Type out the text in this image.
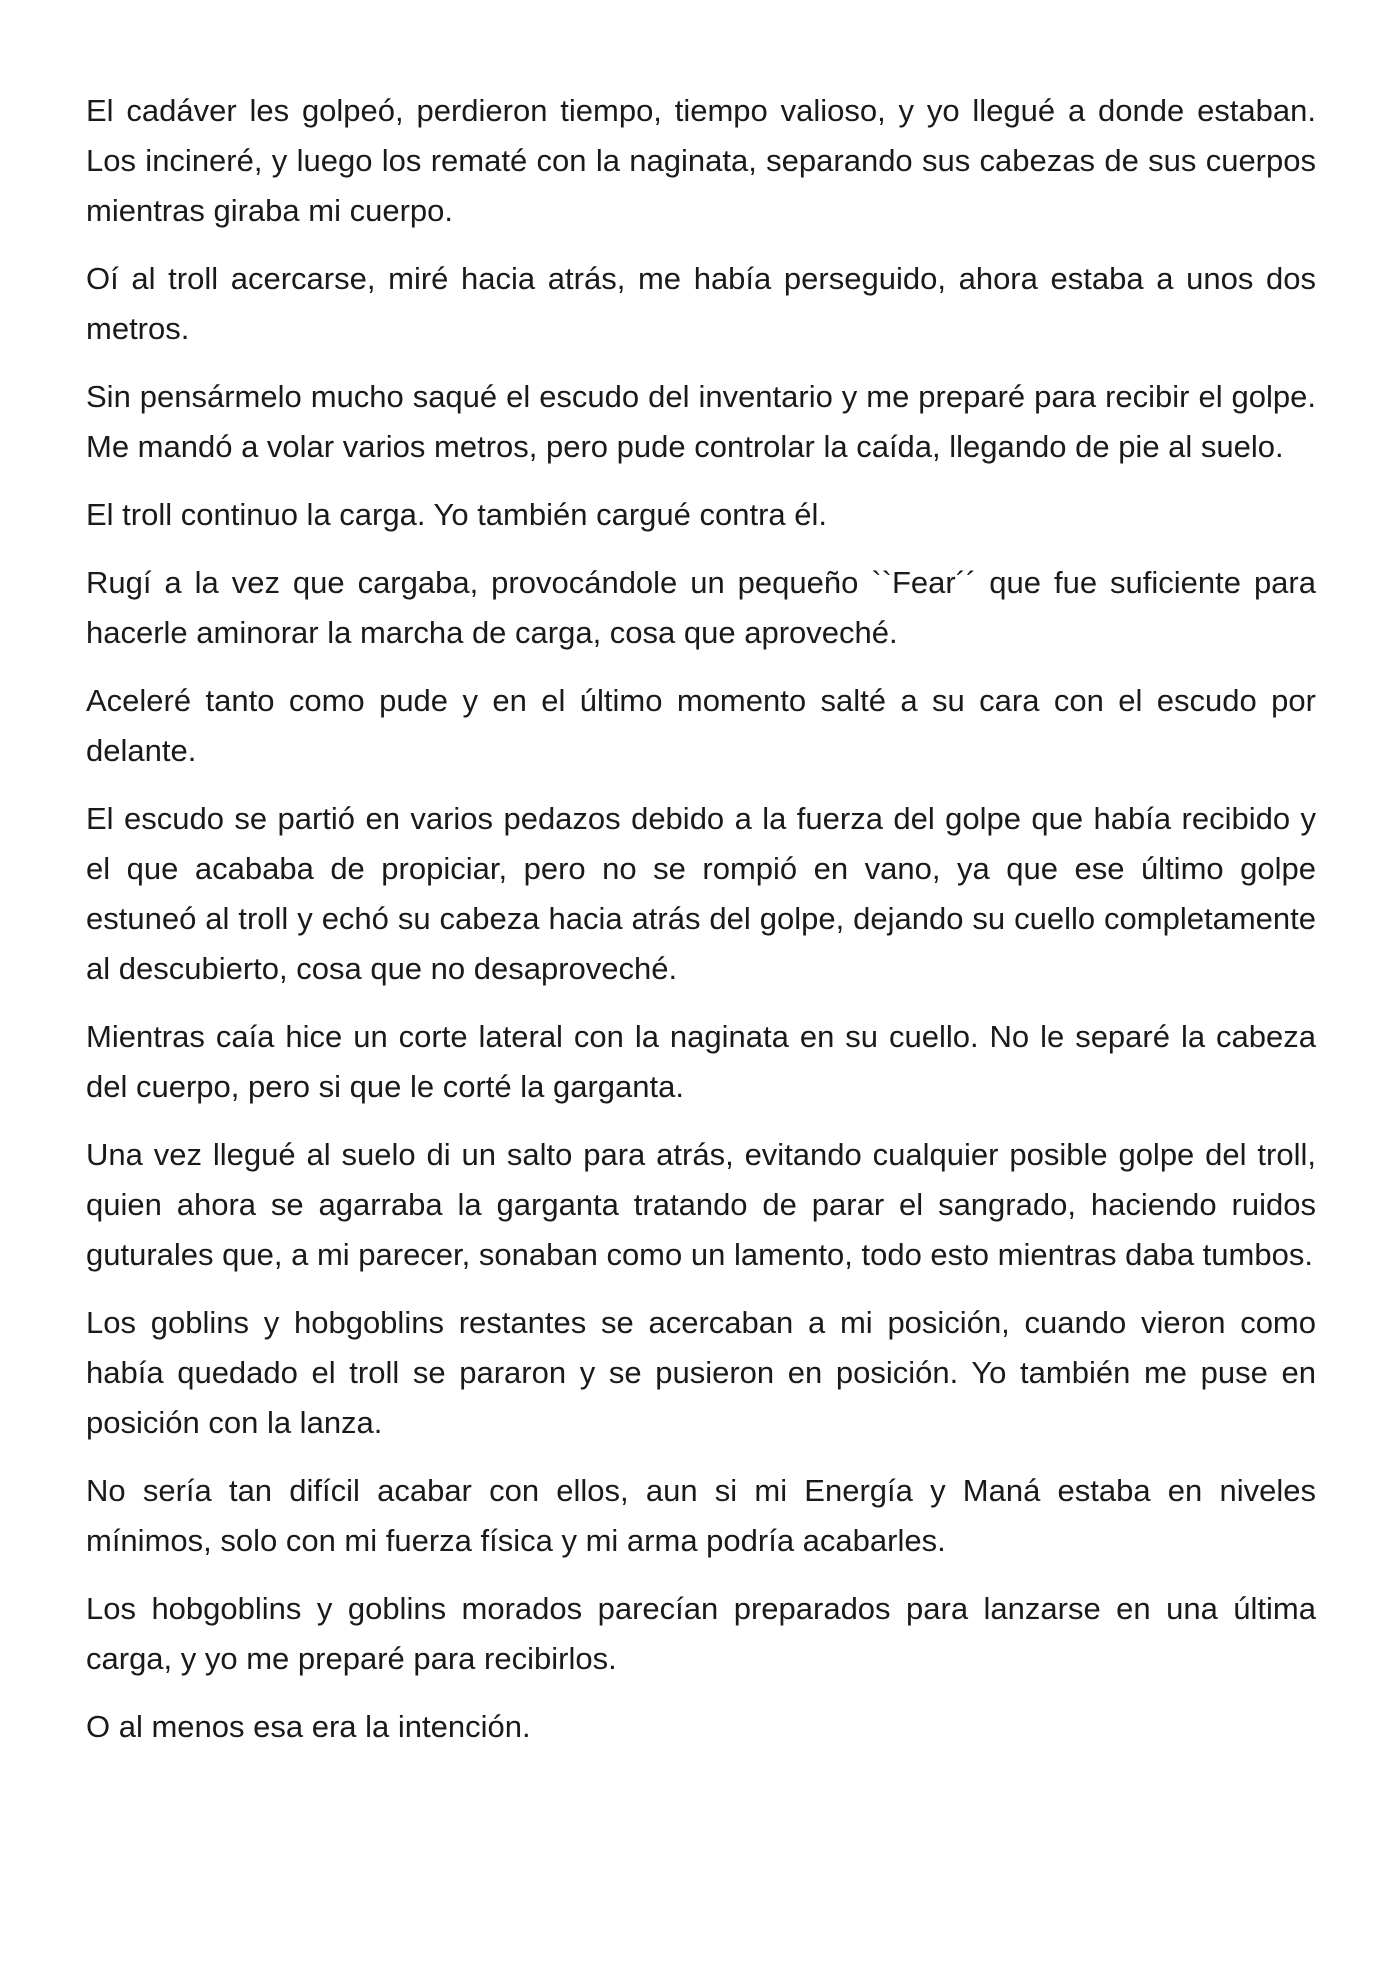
El cadáver les golpeó, perdieron tiempo, tiempo valioso, y yo llegué a donde estaban. Los incineré, y luego los rematé con la naginata, separando sus cabezas de sus cuerpos mientras giraba mi cuerpo.

Oí al troll acercarse, miré hacia atrás, me había perseguido, ahora estaba a unos dos metros.

Sin pensármelo mucho saqué el escudo del inventario y me preparé para recibir el golpe. Me mandó a volar varios metros, pero pude controlar la caída, llegando de pie al suelo.

El troll continuo la carga. Yo también cargué contra él.

Rugí a la vez que cargaba, provocándole un pequeño ``Fear´´ que fue suficiente para hacerle aminorar la marcha de carga, cosa que aproveché.

Aceleré tanto como pude y en el último momento salté a su cara con el escudo por delante.

El escudo se partió en varios pedazos debido a la fuerza del golpe que había recibido y el que acababa de propiciar, pero no se rompió en vano, ya que ese último golpe estuneó al troll y echó su cabeza hacia atrás del golpe, dejando su cuello completamente al descubierto, cosa que no desaproveché.

Mientras caía hice un corte lateral con la naginata en su cuello. No le separé la cabeza del cuerpo, pero si que le corté la garganta.

Una vez llegué al suelo di un salto para atrás, evitando cualquier posible golpe del troll, quien ahora se agarraba la garganta tratando de parar el sangrado, haciendo ruidos guturales que, a mi parecer, sonaban como un lamento, todo esto mientras daba tumbos.

Los goblins y hobgoblins restantes se acercaban a mi posición, cuando vieron como había quedado el troll se pararon y se pusieron en posición. Yo también me puse en posición con la lanza.

No sería tan difícil acabar con ellos, aun si mi Energía y Maná estaba en niveles mínimos, solo con mi fuerza física y mi arma podría acabarles.

Los hobgoblins y goblins morados parecían preparados para lanzarse en una última carga, y yo me preparé para recibirlos.

O al menos esa era la intención.
